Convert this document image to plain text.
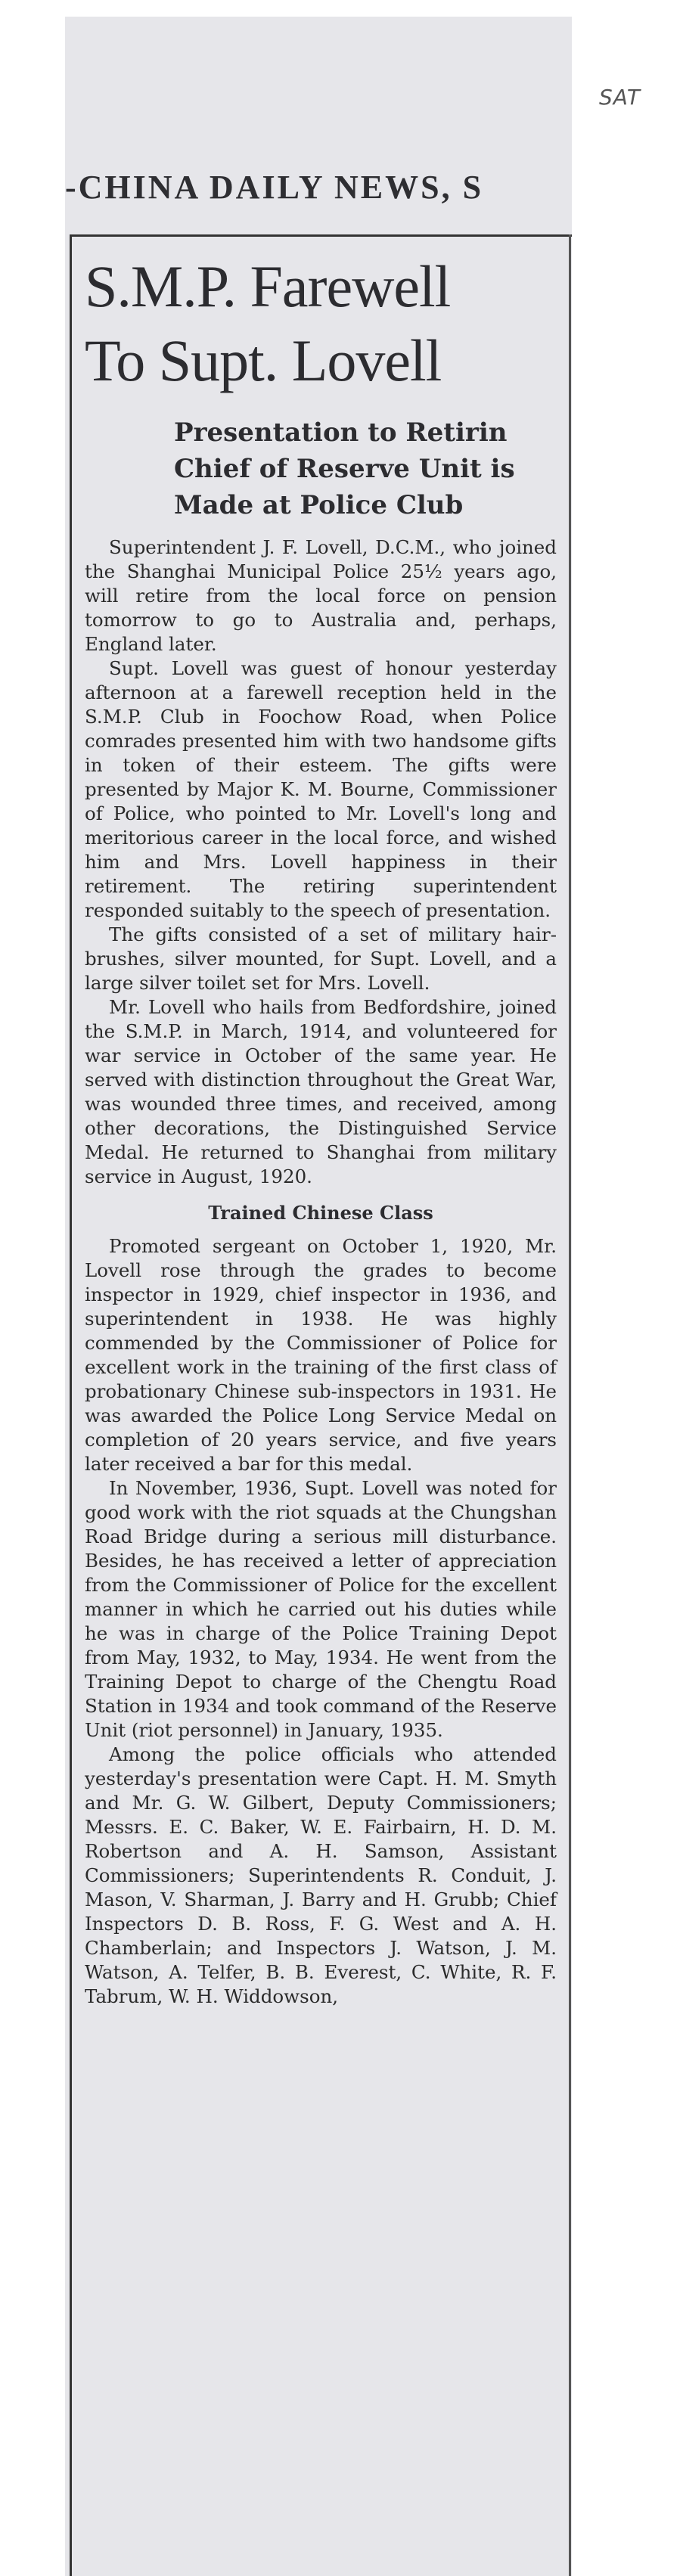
SAT
-CHINA DAILY NEWS, S
S.M.P. Farewell
To Supt. Lovell
Presentation to Retirin Chief of Reserve Unit is Made at Police Club

Superintendent J. F. Lovell, D.C.M., who joined the Shanghai Municipal Police 25½ years ago, will retire from the local force on pension tomorrow to go to Australia and, perhaps, England later.

Supt. Lovell was guest of honour yesterday afternoon at a farewell reception held in the S.M.P. Club in Foochow Road, when Police comrades presented him with two handsome gifts in token of their esteem. The gifts were presented by Major K. M. Bourne, Commissioner of Police, who pointed to Mr. Lovell's long and meritorious career in the local force, and wished him and Mrs. Lovell happiness in their retirement. The retiring superintendent responded suitably to the speech of presentation.

The gifts consisted of a set of military hair-brushes, silver mounted, for Supt. Lovell, and a large silver toilet set for Mrs. Lovell.

Mr. Lovell who hails from Bedfordshire, joined the S.M.P. in March, 1914, and volunteered for war service in October of the same year. He served with distinction throughout the Great War, was wounded three times, and received, among other decorations, the Distinguished Service Medal. He returned to Shanghai from military service in August, 1920.

Trained Chinese Class

Promoted sergeant on October 1, 1920, Mr. Lovell rose through the grades to become inspector in 1929, chief inspector in 1936, and superintendent in 1938. He was highly commended by the Commissioner of Police for excellent work in the training of the first class of probationary Chinese sub-inspectors in 1931. He was awarded the Police Long Service Medal on completion of 20 years service, and five years later received a bar for this medal.

In November, 1936, Supt. Lovell was noted for good work with the riot squads at the Chungshan Road Bridge during a serious mill disturbance. Besides, he has received a letter of appreciation from the Commissioner of Police for the excellent manner in which he carried out his duties while he was in charge of the Police Training Depot from May, 1932, to May, 1934. He went from the Training Depot to charge of the Chengtu Road Station in 1934 and took command of the Reserve Unit (riot personnel) in January, 1935.

Among the police officials who attended yesterday's presentation were Capt. H. M. Smyth and Mr. G. W. Gilbert, Deputy Commissioners; Messrs. E. C. Baker, W. E. Fairbairn, H. D. M. Robertson and A. H. Samson, Assistant Commissioners; Superintendents R. Conduit, J. Mason, V. Sharman, J. Barry and H. Grubb; Chief Inspectors D. B. Ross, F. G. West and A. H. Chamberlain; and Inspectors J. Watson, J. M. Watson, A. Telfer, B. B. Everest, C. White, R. F. Tabrum, W. H. Widdowson,
